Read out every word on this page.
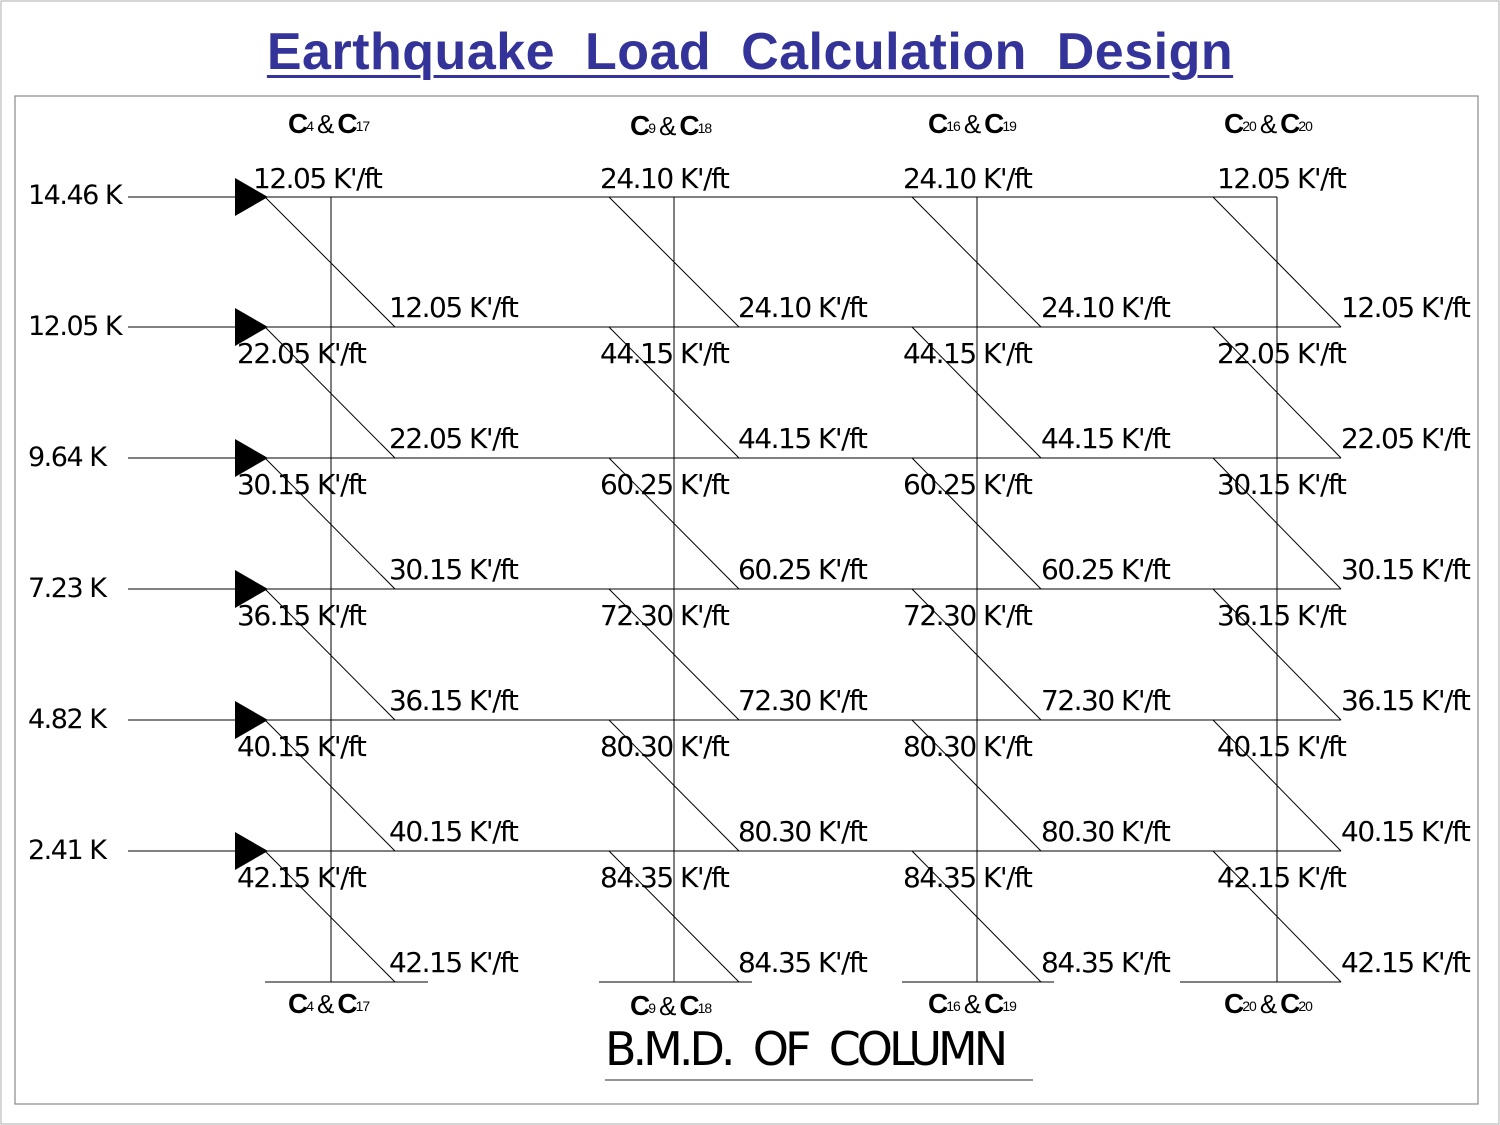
Earthquake  Load  Calculation  Design
14.46 K
12.05 K
9.64 K
7.23 K
4.82 K
2.41 K
$C_4$ & $C_{17}$
$C_4$ & $C_{17}$
$C_9$ & $C_{18}$
$C_9$ & $C_{18}$
$C_{16}$ & $C_{19}$
$C_{16}$ & $C_{19}$
$C_{20}$ & $C_{20}$
$C_{20}$ & $C_{20}$
12.05 K'/ft
12.05 K'/ft
24.10 K'/ft
24.10 K'/ft
24.10 K'/ft
24.10 K'/ft
12.05 K'/ft
12.05 K'/ft
22.05 K'/ft
22.05 K'/ft
44.15 K'/ft
44.15 K'/ft
44.15 K'/ft
44.15 K'/ft
22.05 K'/ft
22.05 K'/ft
30.15 K'/ft
30.15 K'/ft
60.25 K'/ft
60.25 K'/ft
60.25 K'/ft
60.25 K'/ft
30.15 K'/ft
30.15 K'/ft
36.15 K'/ft
36.15 K'/ft
72.30 K'/ft
72.30 K'/ft
72.30 K'/ft
72.30 K'/ft
36.15 K'/ft
36.15 K'/ft
40.15 K'/ft
40.15 K'/ft
80.30 K'/ft
80.30 K'/ft
80.30 K'/ft
80.30 K'/ft
40.15 K'/ft
40.15 K'/ft
42.15 K'/ft
42.15 K'/ft
84.35 K'/ft
84.35 K'/ft
84.35 K'/ft
84.35 K'/ft
42.15 K'/ft
42.15 K'/ft
B.M.D.  OF  COLUMN
